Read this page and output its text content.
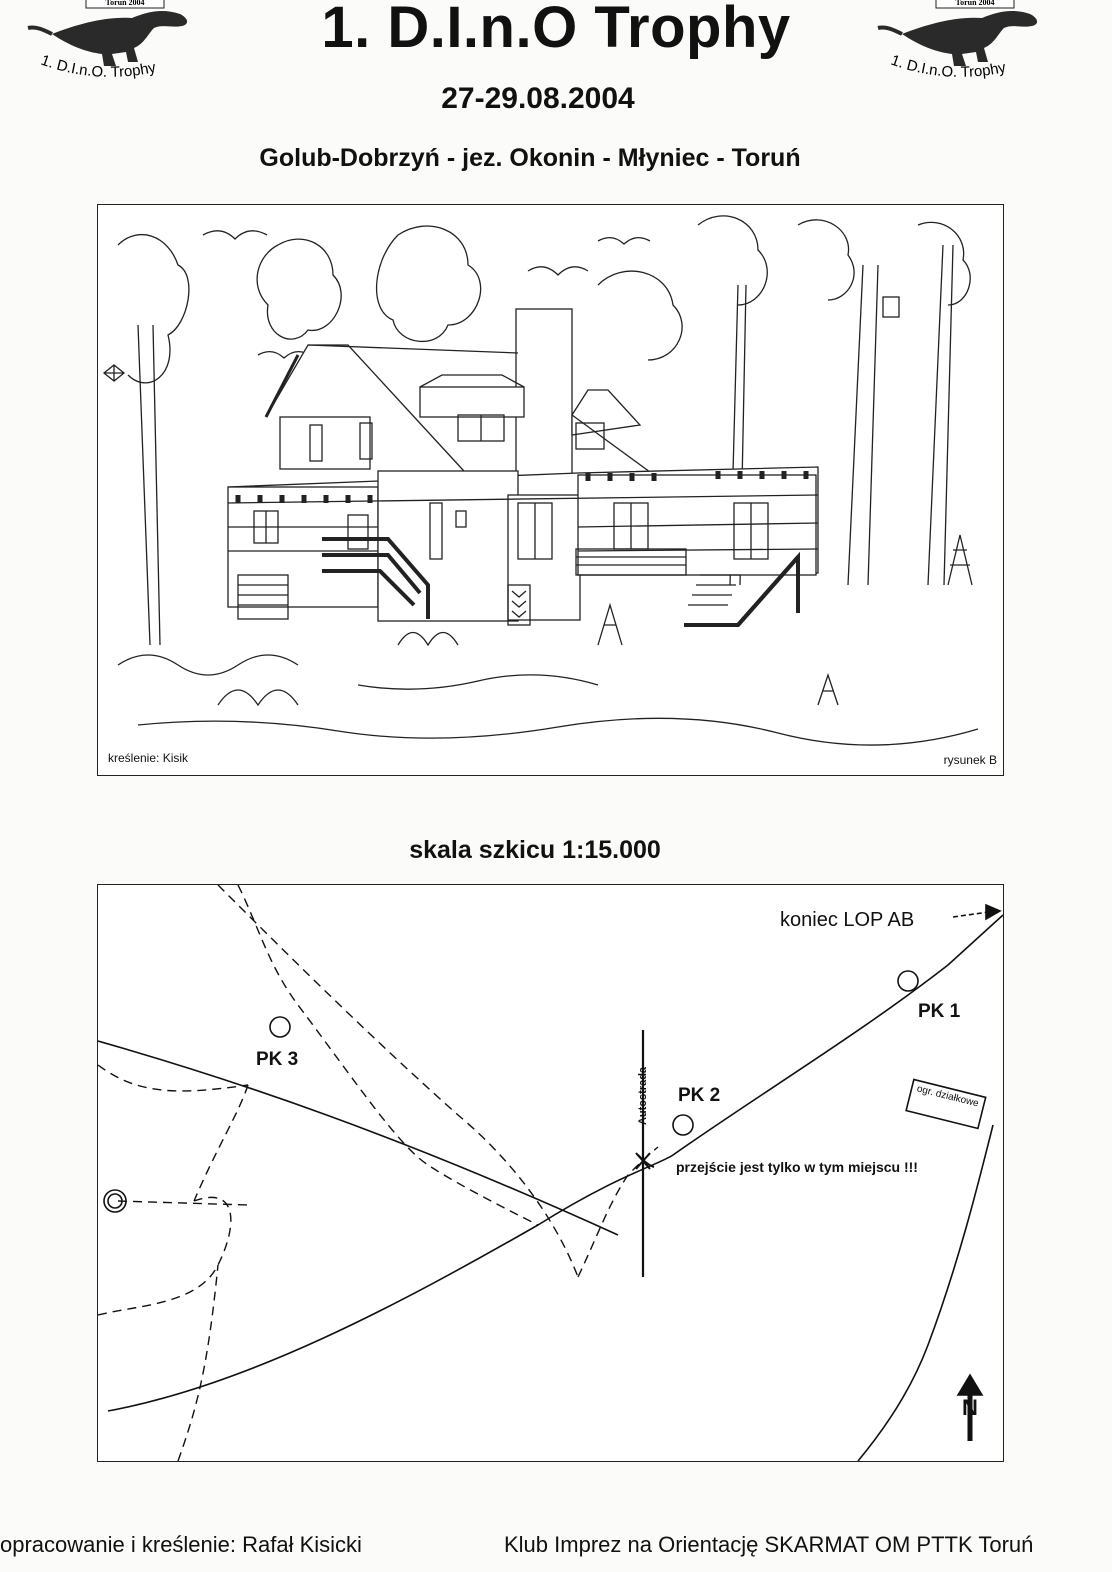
Toruń 2004
1. D.I.n.O. Trophy
Toruń 2004
1. D.I.n.O. Trophy
1. D.I.n.O Trophy
27-29.08.2004
Golub-Dobrzyń - jez. Okonin - Młyniec - Toruń
kreślenie: Kisik	rysunek B
skala szkicu 1:15.000
koniec LOP AB
PK 1
PK 2
PK 3
Autostrada
przejście jest tylko w tym miejscu !!!
ogr. działkowe
N
opracowanie i kreślenie: Rafał Kisicki	Klub Imprez na Orientację SKARMAT OM PTTK Toruń
